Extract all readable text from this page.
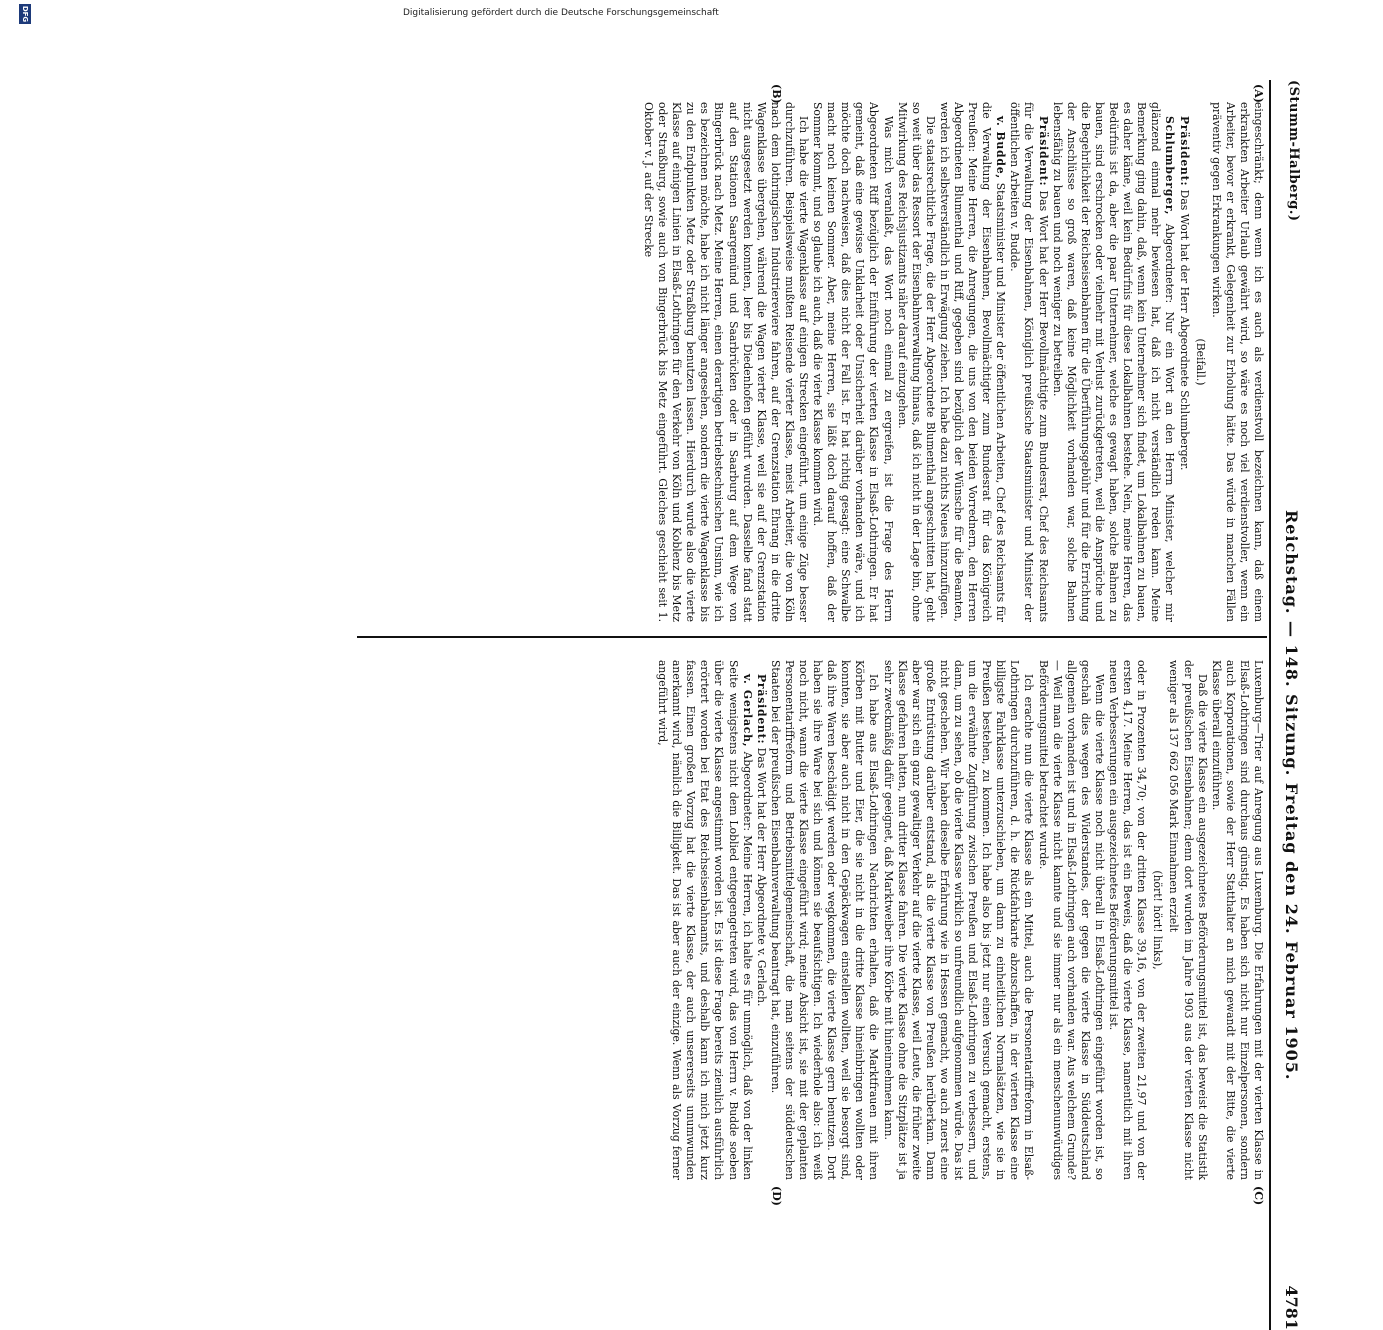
Digitalisierung gefördert durch die Deutsche Forschungsgemeinschaft
DFG
(Stumm-Halberg.)
Reichstag. — 148. Sitzung. Freitag den 24. Februar 1905.
4781
(A)
(B)
(C)
(D)

eingeschränkt; denn wenn ich es auch als verdienstvoll bezeichnen kann, daß einem erkrankten Arbeiter Urlaub gewährt wird, so wäre es noch viel verdienstvoller, wenn ein Arbeiter, bevor er erkrankt, Gelegenheit zur Erholung hätte. Das würde in manchen Fällen präventiv gegen Erkrankungen wirken.

(Beifall.)

Präsident: Das Wort hat der Herr Abgeordnete Schlumberger.

Schlumberger, Abgeordneter: Nur ein Wort an den Herrn Minister, welcher mir glänzend einmal mehr bewiesen hat, daß ich nicht verständlich reden kann. Meine Bemerkung ging dahin, daß, wenn kein Unternehmer sich findet, um Lokalbahnen zu bauen, es daher käme, weil kein Bedürfnis für diese Lokalbahnen bestehe. Nein, meine Herren, das Bedürfnis ist da, aber die paar Unternehmer, welche es gewagt haben, solche Bahnen zu bauen, sind erschrocken oder vielmehr mit Verlust zurückgetreten, weil die Ansprüche und die Begehrlichkeit der Reichseisenbahnen für die Überführungsgebühr und für die Errichtung der Anschlüsse so groß waren, daß keine Möglichkeit vorhanden war, solche Bahnen lebensfähig zu bauen und noch weniger zu betreiben.

Präsident: Das Wort hat der Herr Bevollmächtigte zum Bundesrat, Chef des Reichsamts für die Verwaltung der Eisenbahnen, Königlich preußische Staatsminister und Minister der öffentlichen Arbeiten v. Budde.

v. Budde, Staatsminister und Minister der öffentlichen Arbeiten, Chef des Reichsamts für die Verwaltung der Eisenbahnen, Bevollmächtigter zum Bundesrat für das Königreich Preußen: Meine Herren, die Anregungen, die uns von den beiden Vorrednern, den Herren Abgeordneten Blumenthal und Riff, gegeben sind bezüglich der Wünsche für die Beamten, werden ich selbstverständlich in Erwägung ziehen. Ich habe dazu nichts Neues hinzuzufügen.

Die staatsrechtliche Frage, die der Herr Abgeordnete Blumenthal angeschnitten hat, geht so weit über das Ressort der Eisenbahnverwaltung hinaus, daß ich nicht in der Lage bin, ohne Mitwirkung des Reichsjustizamts näher darauf einzugehen.

Was mich veranlaßt, das Wort noch einmal zu ergreifen, ist die Frage des Herrn Abgeordneten Riff bezüglich der Einführung der vierten Klasse in Elsaß-Lothringen. Er hat gemeint, daß eine gewisse Unklarheit oder Unsicherheit darüber vorhanden wäre, und ich möchte doch nachweisen, daß dies nicht der Fall ist. Er hat richtig gesagt: eine Schwalbe macht noch keinen Sommer. Aber, meine Herren, sie läßt doch darauf hoffen, daß der Sommer kommt, und so glaube ich auch, daß die vierte Klasse kommen wird.

Ich habe die vierte Wagenklasse auf einigen Strecken eingeführt, um einige Züge besser durchzuführen. Beispielsweise mußten Reisende vierter Klasse, meist Arbeiter, die von Köln nach dem lothringischen Industriereviere fahren, auf der Grenzstation Ehrang in die dritte Wagenklasse übergehen, während die Wagen vierter Klasse, weil sie auf der Grenzstation nicht ausgesetzt werden konnten, leer bis Diedenhofen geführt wurden. Dasselbe fand statt auf den Stationen Saargemünd und Saarbrücken oder in Saarburg auf dem Wege von Bingerbrück nach Metz. Meine Herren, einen derartigen betriebstechnischen Unsinn, wie ich es bezeichnen möchte, habe ich nicht länger angesehen, sondern die vierte Wagenklasse bis zu den Endpunkten Metz oder Straßburg benutzen lassen. Hierdurch wurde also die vierte Klasse auf einigen Linien in Elsaß-Lothringen für den Verkehr von Köln und Koblenz bis Metz oder Straßburg, sowie auch von Bingerbrück bis Metz eingeführt. Gleiches geschieht seit 1. Oktober v. J. auf der Strecke

Luxemburg—Trier auf Anregung aus Luxemburg. Die Erfahrungen mit der vierten Klasse in Elsaß-Lothringen sind durchaus günstig. Es haben sich nicht nur Einzelpersonen, sondern auch Korporationen, sowie der Herr Statthalter an mich gewandt mit der Bitte, die vierte Klasse überall einzuführen.

Daß die vierte Klasse ein ausgezeichnetes Beförderungsmittel ist, das beweist die Statistik der preußischen Eisenbahnen; denn dort wurden im Jahre 1903 aus der vierten Klasse nicht weniger als 137 662 056 Mark Einnahmen erzielt

(hört! hört! links),

oder in Prozenten 34,70; von der dritten Klasse 39,16, von der zweiten 21,97 und von der ersten 4,17. Meine Herren, das ist ein Beweis, daß die vierte Klasse, namentlich mit ihren neuen Verbesserungen ein ausgezeichnetes Beförderungsmittel ist.

Wenn die vierte Klasse noch nicht überall in Elsaß-Lothringen eingeführt worden ist, so geschah dies wegen des Widerstandes, der gegen die vierte Klasse in Süddeutschland allgemein vorhanden ist und in Elsaß-Lothringen auch vorhanden war. Aus welchem Grunde? — Weil man die vierte Klasse nicht kannte und sie immer nur als ein menschenunwürdiges Beförderungsmittel betrachtet wurde.

Ich erachte nun die vierte Klasse als ein Mittel, auch die Personentariffreform in Elsaß-Lothringen durchzuführen, d. h. die Rückfahrkarte abzuschaffen, in der vierten Klasse eine billigste Fahrklasse unterzuschieben, um dann zu einheitlichen Normalsätzen, wie sie in Preußen bestehen, zu kommen. Ich habe also bis jetzt nur einen Versuch gemacht, erstens, um die erwähnte Zugführung zwischen Preußen und Elsaß-Lothringen zu verbessern, und dann, um zu sehen, ob die vierte Klasse wirklich so unfreundlich aufgenommen würde. Das ist nicht geschehen. Wir haben dieselbe Erfahrung wie in Hessen gemacht, wo auch zuerst eine große Entrüstung darüber entstand, als die vierte Klasse von Preußen herüberkam. Dann aber war sich ein ganz gewaltiger Verkehr auf die vierte Klasse, weil Leute, die früher zweite Klasse gefahren hatten, nun dritter Klasse fahren. Die vierte Klasse ohne die Sitzplätze ist ja sehr zweckmäßig dafür geeignet, daß Marktweiber ihre Körbe mit hineinnehmen kann.

Ich habe aus Elsaß-Lothringen Nachrichten erhalten, daß die Marktfrauen mit ihren Körben mit Butter und Eier, die sie nicht in die dritte Klasse hineinbringen wollten oder konnten, sie aber auch nicht in den Gepäckwagen einstellen wollten, weil sie besorgt sind, daß ihre Waren beschädigt werden oder wegkommen, die vierte Klasse gern benutzen. Dort haben sie ihre Ware bei sich und können sie beaufsichtigen. Ich wiederhole also: ich weiß noch nicht, wann die vierte Klasse eingeführt wird; meine Absicht ist, sie mit der geplanten Personentariffreform und Betriebsmittelgemeinschaft, die man seitens der süddeutschen Staaten bei der preußischen Eisenbahnverwaltung beantragt hat, einzuführen.

Präsident: Das Wort hat der Herr Abgeordnete v. Gerlach.

v. Gerlach, Abgeordneter: Meine Herren, ich halte es für unmöglich, daß von der linken Seite wenigstens nicht dem Loblied entgegengetreten wird, das von Herrn v. Budde soeben über die vierte Klasse angestimmt worden ist. Es ist diese Frage bereits ziemlich ausführlich erörtert worden bei Etat des Reichseisenbahnamts, und deshalb kann ich mich jetzt kurz fassen. Einen großen Vorzug hat die vierte Klasse, der auch unsererseits unumwunden anerkannt wird, nämlich die Billigkeit. Das ist aber auch der einzige. Wenn als Vorzug ferner angeführt wird,
